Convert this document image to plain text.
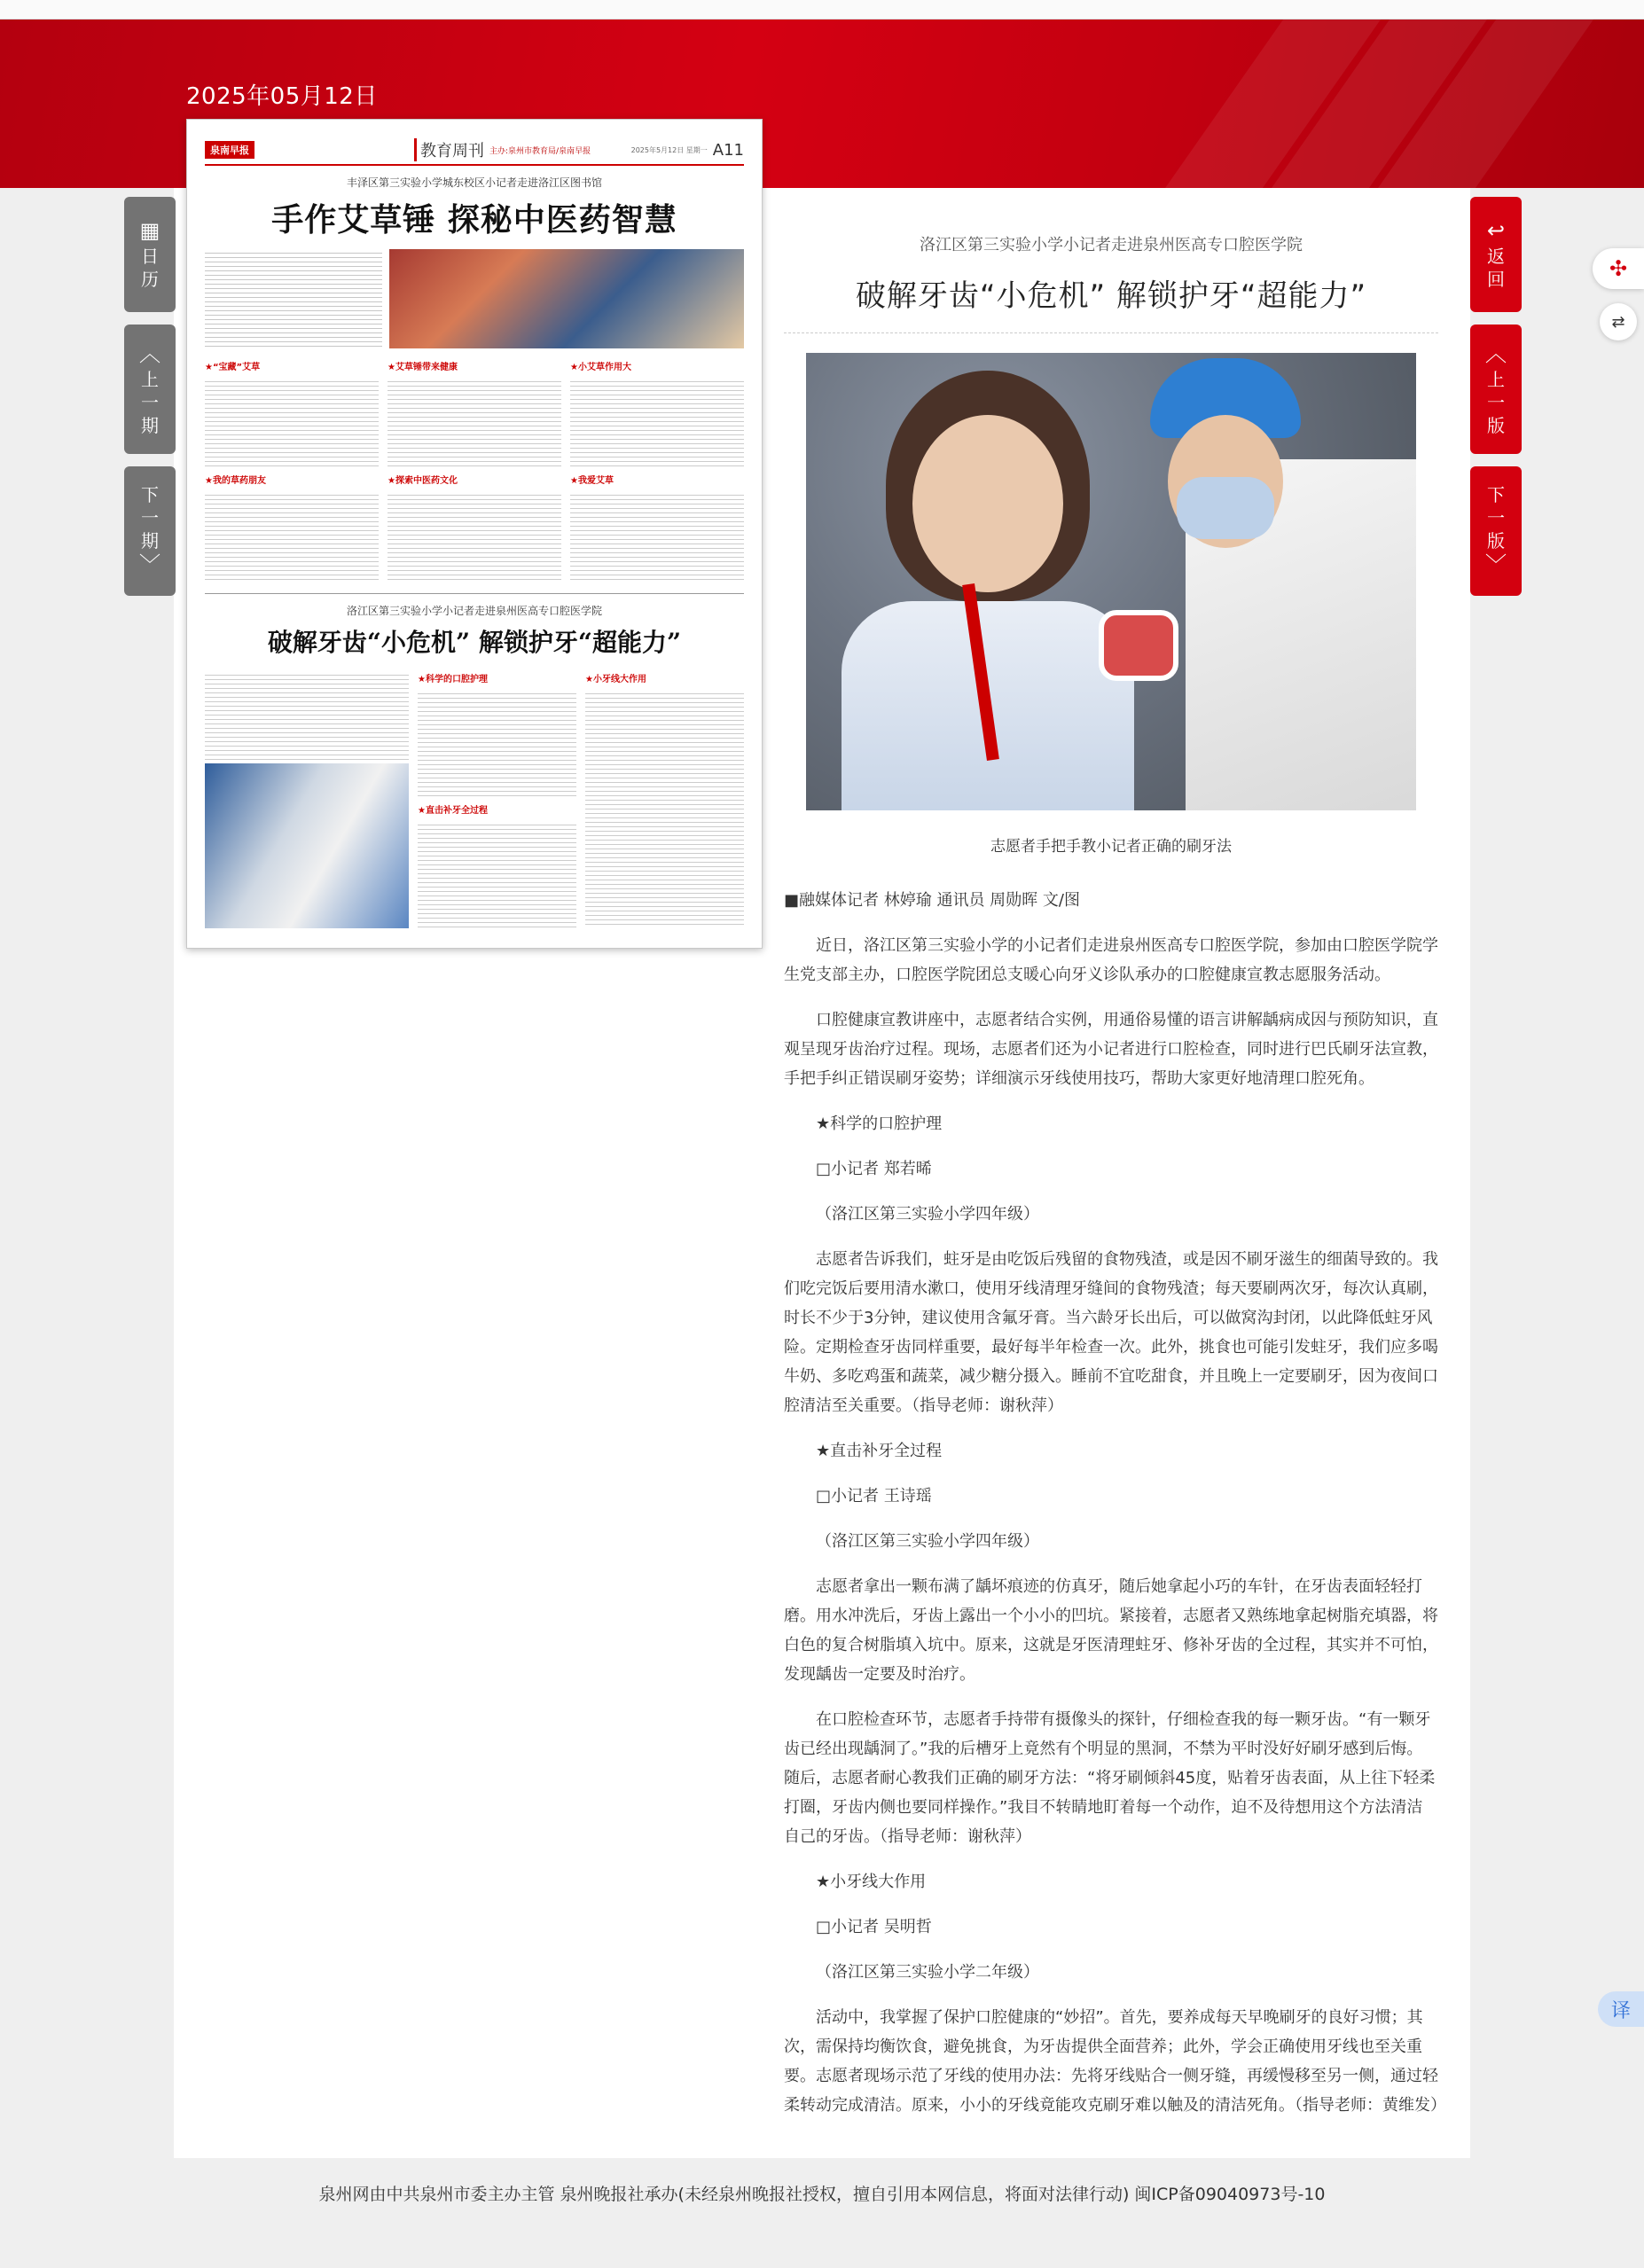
2025年05月12日
▦
日
历
︿
上
一
期
下
一
期
﹀
↩
返
回
︿
上
一
版
下
一
版
﹀
✣
⇄
译
泉南早报	教育周刊 主办:泉州市教育局/泉南早报	2025年5月12日 星期一 A11
丰泽区第三实验小学城东校区小记者走进洛江区图书馆
手作艾草锤 探秘中医药智慧
★“宝藏”艾草
★我的草药朋友
★艾草锤带来健康
★探索中医药文化
★小艾草作用大
★我爱艾草
洛江区第三实验小学小记者走进泉州医高专口腔医学院
破解牙齿“小危机” 解锁护牙“超能力”
★科学的口腔护理
★直击补牙全过程
★小牙线大作用
洛江区第三实验小学小记者走进泉州医高专口腔医学院
破解牙齿“小危机” 解锁护牙“超能力”
志愿者手把手教小记者正确的刷牙法

■融媒体记者 林婷瑜 通讯员 周勋晖 文/图

近日，洛江区第三实验小学的小记者们走进泉州医高专口腔医学院，参加由口腔医学院学生党支部主办，口腔医学院团总支暖心向牙义诊队承办的口腔健康宣教志愿服务活动。

口腔健康宣教讲座中，志愿者结合实例，用通俗易懂的语言讲解龋病成因与预防知识，直观呈现牙齿治疗过程。现场，志愿者们还为小记者进行口腔检查，同时进行巴氏刷牙法宣教，手把手纠正错误刷牙姿势；详细演示牙线使用技巧，帮助大家更好地清理口腔死角。

★科学的口腔护理

□小记者 郑若晞

（洛江区第三实验小学四年级）

志愿者告诉我们，蛀牙是由吃饭后残留的食物残渣，或是因不刷牙滋生的细菌导致的。我们吃完饭后要用清水漱口，使用牙线清理牙缝间的食物残渣；每天要刷两次牙，每次认真刷，时长不少于3分钟，建议使用含氟牙膏。当六龄牙长出后，可以做窝沟封闭，以此降低蛀牙风险。定期检查牙齿同样重要，最好每半年检查一次。此外，挑食也可能引发蛀牙，我们应多喝牛奶、多吃鸡蛋和蔬菜，减少糖分摄入。睡前不宜吃甜食，并且晚上一定要刷牙，因为夜间口腔清洁至关重要。（指导老师：谢秋萍）

★直击补牙全过程

□小记者 王诗瑶

（洛江区第三实验小学四年级）

志愿者拿出一颗布满了龋坏痕迹的仿真牙，随后她拿起小巧的车针，在牙齿表面轻轻打磨。用水冲洗后，牙齿上露出一个小小的凹坑。紧接着，志愿者又熟练地拿起树脂充填器，将白色的复合树脂填入坑中。原来，这就是牙医清理蛀牙、修补牙齿的全过程，其实并不可怕，发现龋齿一定要及时治疗。

在口腔检查环节，志愿者手持带有摄像头的探针，仔细检查我的每一颗牙齿。“有一颗牙齿已经出现龋洞了。”我的后槽牙上竟然有个明显的黑洞，不禁为平时没好好刷牙感到后悔。随后，志愿者耐心教我们正确的刷牙方法：“将牙刷倾斜45度，贴着牙齿表面，从上往下轻柔打圈，牙齿内侧也要同样操作。”我目不转睛地盯着每一个动作，迫不及待想用这个方法清洁自己的牙齿。（指导老师：谢秋萍）

★小牙线大作用

□小记者 吴明哲

（洛江区第三实验小学二年级）

活动中，我掌握了保护口腔健康的“妙招”。首先，要养成每天早晚刷牙的良好习惯；其次，需保持均衡饮食，避免挑食，为牙齿提供全面营养；此外，学会正确使用牙线也至关重要。志愿者现场示范了牙线的使用办法：先将牙线贴合一侧牙缝，再缓慢移至另一侧，通过轻柔转动完成清洁。原来，小小的牙线竟能攻克刷牙难以触及的清洁死角。（指导老师：黄维发）

泉州网由中共泉州市委主办主管 泉州晚报社承办(未经泉州晚报社授权，擅自引用本网信息，将面对法律行动) 闽ICP备09040973号-10
